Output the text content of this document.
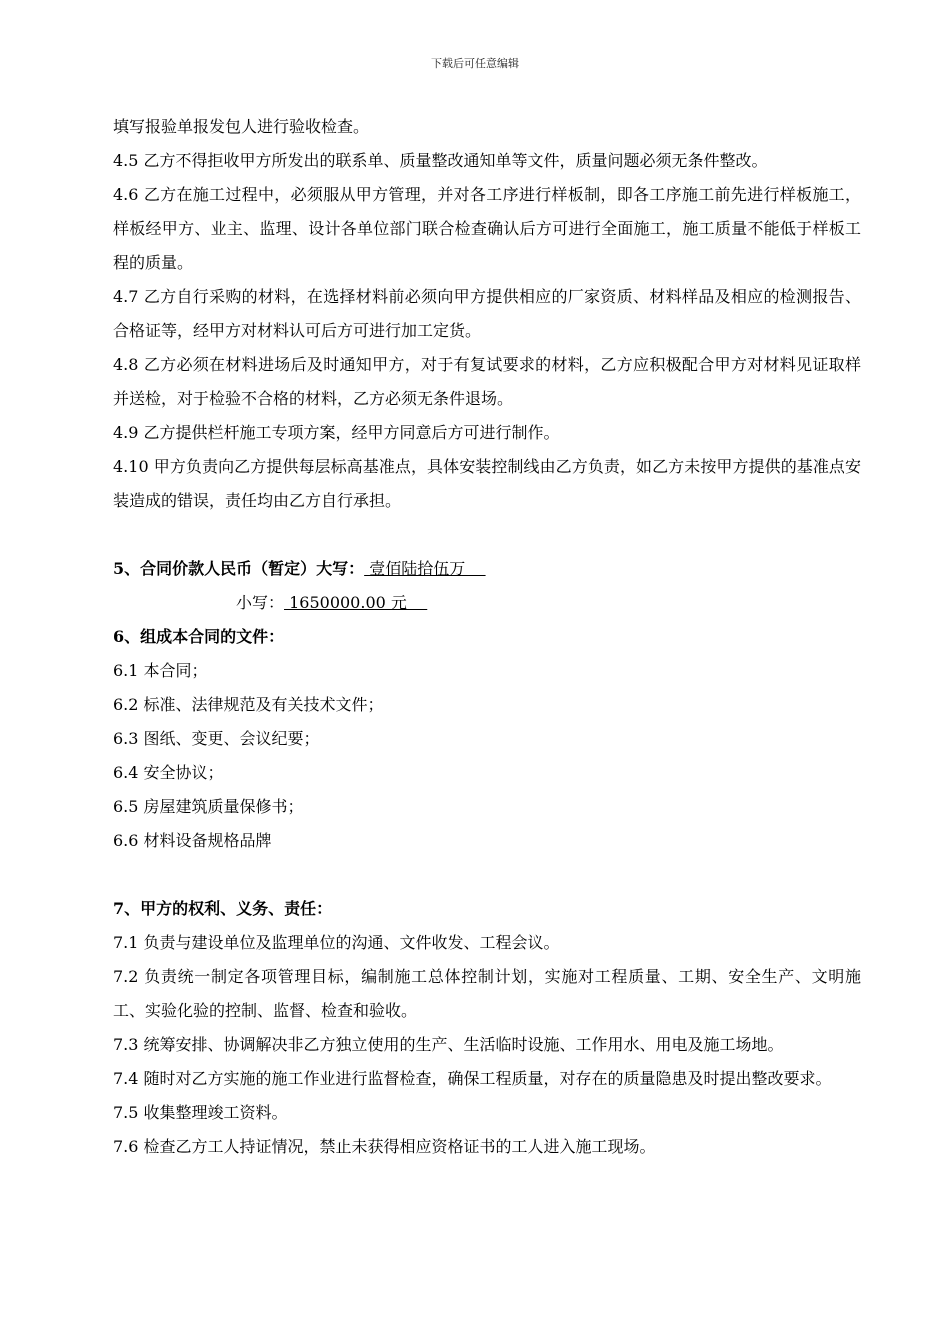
下载后可任意编辑

填写报验单报发包人进行验收检查。

4.5 乙方不得拒收甲方所发出的联系单、质量整改通知单等文件，质量问题必须无条件整改。

4.6 乙方在施工过程中，必须服从甲方管理，并对各工序进行样板制，即各工序施工前先进行样板施工，样板经甲方、业主、监理、设计各单位部门联合检查确认后方可进行全面施工，施工质量不能低于样板工程的质量。

4.7 乙方自行采购的材料，在选择材料前必须向甲方提供相应的厂家资质、材料样品及相应的检测报告、合格证等，经甲方对材料认可后方可进行加工定货。

4.8 乙方必须在材料进场后及时通知甲方，对于有复试要求的材料，乙方应积极配合甲方对材料见证取样并送检，对于检验不合格的材料，乙方必须无条件退场。

4.9 乙方提供栏杆施工专项方案，经甲方同意后方可进行制作。

4.10 甲方负责向乙方提供每层标高基准点，具体安装控制线由乙方负责，如乙方未按甲方提供的基准点安装造成的错误，责任均由乙方自行承担。

5、合同价款人民币（暂定）大写： 壹佰陆拾伍万

小写： 1650000.00 元

6、组成本合同的文件：

6.1 本合同；

6.2 标准、法律规范及有关技术文件；

6.3 图纸、变更、会议纪要；

6.4 安全协议；

6.5 房屋建筑质量保修书；

6.6 材料设备规格品牌

7、甲方的权利、义务、责任：

7.1 负责与建设单位及监理单位的沟通、文件收发、工程会议。

7.2 负责统一制定各项管理目标，编制施工总体控制计划，实施对工程质量、工期、安全生产、文明施工、实验化验的控制、监督、检查和验收。

7.3 统筹安排、协调解决非乙方独立使用的生产、生活临时设施、工作用水、用电及施工场地。

7.4 随时对乙方实施的施工作业进行监督检查，确保工程质量，对存在的质量隐患及时提出整改要求。

7.5 收集整理竣工资料。

7.6 检查乙方工人持证情况，禁止未获得相应资格证书的工人进入施工现场。
